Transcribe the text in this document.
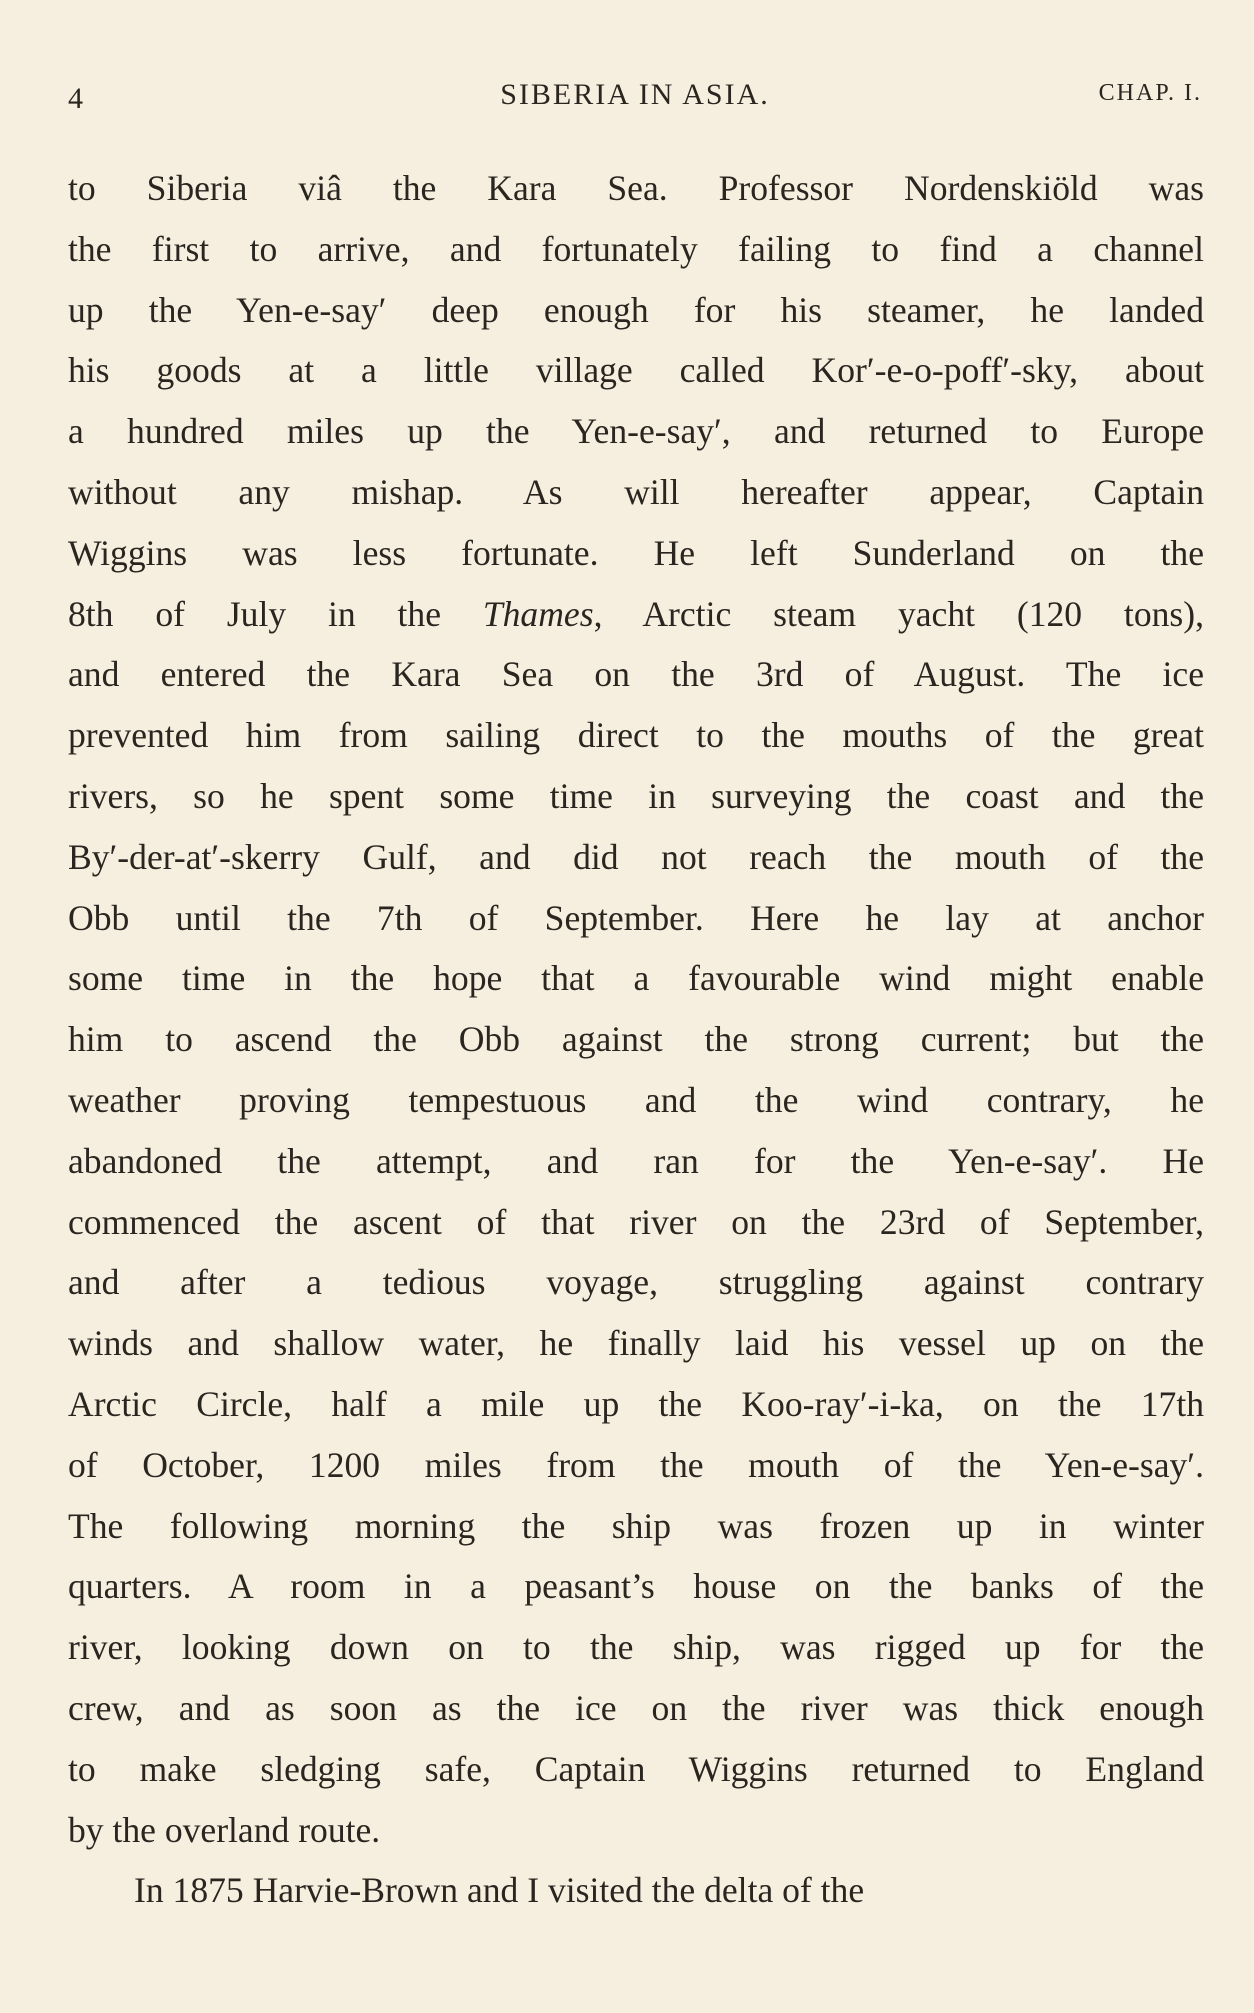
4	SIBERIA IN ASIA.	CHAP. I.
to Siberia viâ the Kara Sea. Professor Nordenskiöld was
the first to arrive, and fortunately failing to find a channel
up the Yen-e-say′ deep enough for his steamer, he landed
his goods at a little village called Kor′-e-o-poff′-sky, about
a hundred miles up the Yen-e-say′, and returned to Europe
without any mishap. As will hereafter appear, Captain
Wiggins was less fortunate. He left Sunderland on the
8th of July in the Thames, Arctic steam yacht (120 tons),
and entered the Kara Sea on the 3rd of August. The ice
prevented him from sailing direct to the mouths of the great
rivers, so he spent some time in surveying the coast and the
By′-der-at′-skerry Gulf, and did not reach the mouth of the
Obb until the 7th of September. Here he lay at anchor
some time in the hope that a favourable wind might enable
him to ascend the Obb against the strong current; but the
weather proving tempestuous and the wind contrary, he
abandoned the attempt, and ran for the Yen-e-say′. He
commenced the ascent of that river on the 23rd of September,
and after a tedious voyage, struggling against contrary
winds and shallow water, he finally laid his vessel up on the
Arctic Circle, half a mile up the Koo-ray′-i-ka, on the 17th
of October, 1200 miles from the mouth of the Yen-e-say′.
The following morning the ship was frozen up in winter
quarters. A room in a peasant’s house on the banks of the
river, looking down on to the ship, was rigged up for the
crew, and as soon as the ice on the river was thick enough
to make sledging safe, Captain Wiggins returned to England
by the overland route.
In 1875 Harvie-Brown and I visited the delta of the
